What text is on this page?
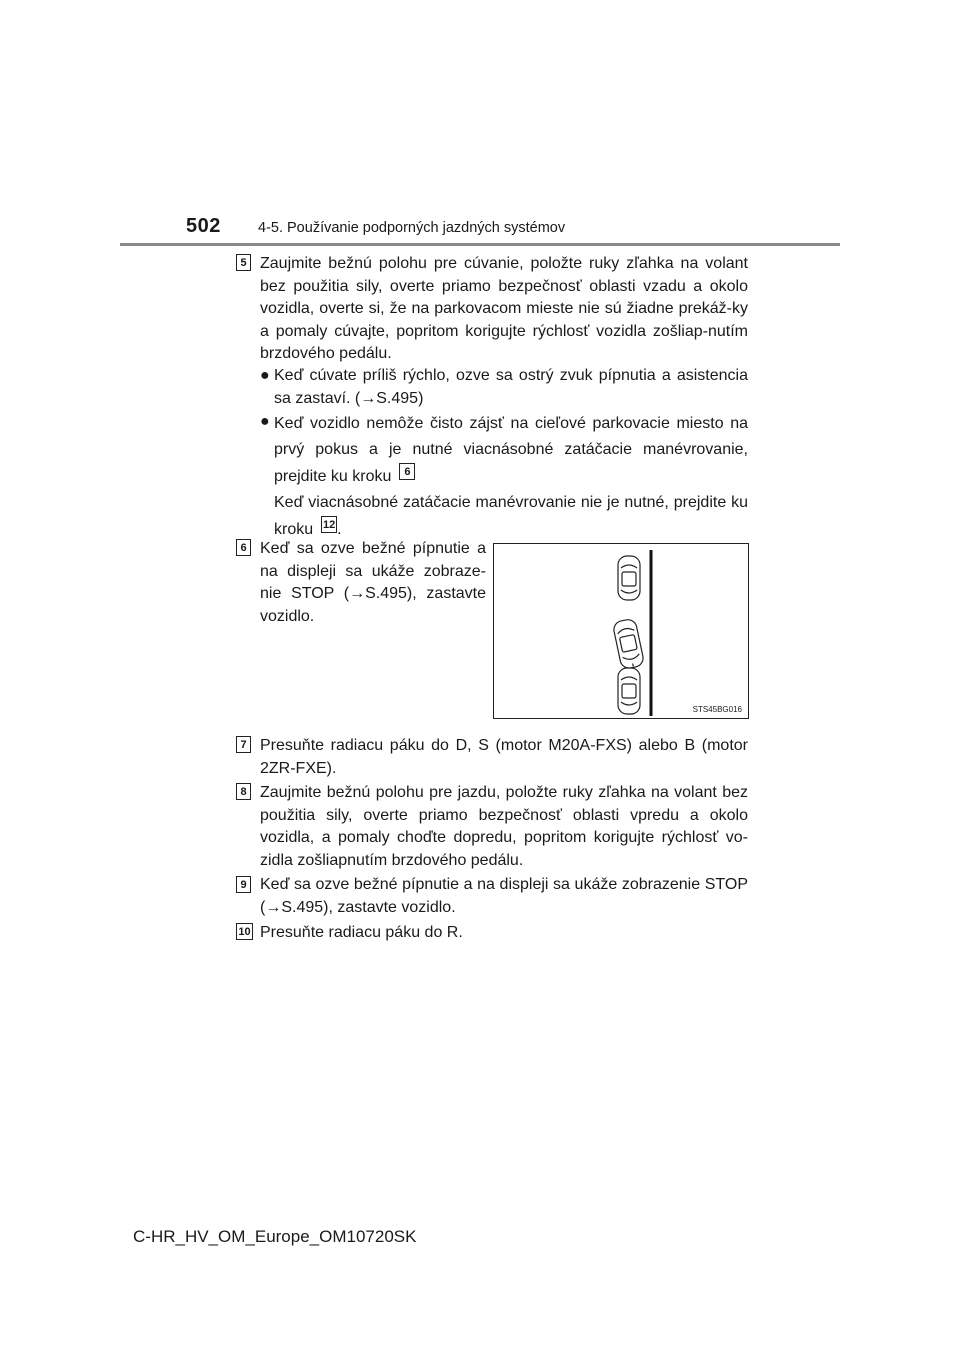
502	4-5. Používanie podporných jazdných systémov
5 Zaujmite bežnú polohu pre cúvanie, položte ruky zľahka na volant bez použitia sily, overte priamo bezpečnosť oblasti vzadu a okolo vozidla, overte si, že na parkovacom mieste nie sú žiadne prekáž-ky a pomaly cúvajte, popritom korigujte rýchlosť vozidla zošliap-nutím brzdového pedálu.
● Keď cúvate príliš rýchlo, ozve sa ostrý zvuk pípnutia a asistencia sa zastaví. (→S.495)
● Keď vozidlo nemôže čisto zájsť na cieľové parkovacie miesto na prvý pokus a je nutné viacnásobné zatáčacie manévrovanie, prejdite ku kroku 6
Keď viacnásobné zatáčacie manévrovanie nie je nutné, prejdite ku kroku 12 .
6 Keď sa ozve bežné pípnutie a na displeji sa ukáže zobraze-nie STOP (→S.495), zastavte vozidlo.
STS45BG016
7 Presuňte radiacu páku do D, S (motor M20A-FXS) alebo B (motor 2ZR-FXE).
8 Zaujmite bežnú polohu pre jazdu, položte ruky zľahka na volant bez použitia sily, overte priamo bezpečnosť oblasti vpredu a okolo vozidla, a pomaly choďte dopredu, popritom korigujte rýchlosť vo-zidla zošliapnutím brzdového pedálu.
9 Keď sa ozve bežné pípnutie a na displeji sa ukáže zobrazenie STOP (→S.495), zastavte vozidlo.
10 Presuňte radiacu páku do R.
C-HR_HV_OM_Europe_OM10720SK
